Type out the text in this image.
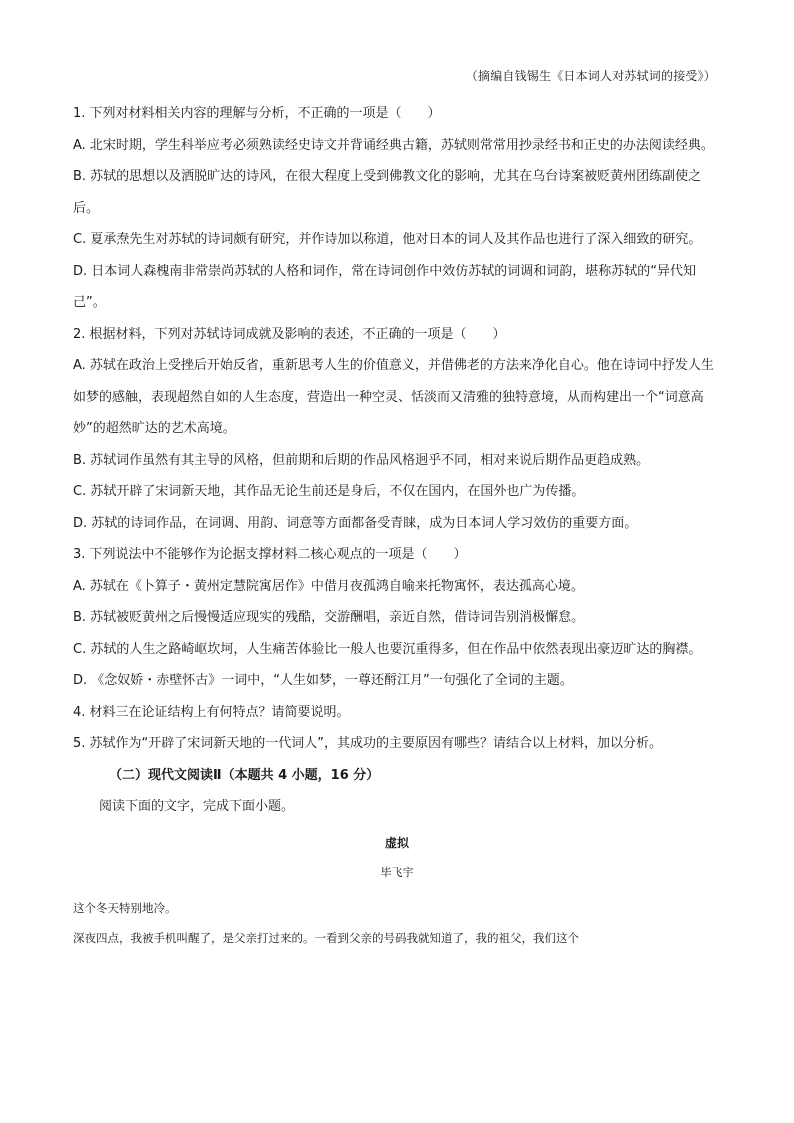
（摘编自钱锡生《日本词人对苏轼词的接受》）

1. 下列对材料相关内容的理解与分析，不正确的一项是（　　）

A. 北宋时期，学生科举应考必须熟读经史诗文并背诵经典古籍，苏轼则常常用抄录经书和正史的办法阅读经典。

B. 苏轼的思想以及洒脱旷达的诗风，在很大程度上受到佛教文化的影响，尤其在乌台诗案被贬黄州团练副使之后。

C. 夏承焘先生对苏轼的诗词颇有研究，并作诗加以称道，他对日本的词人及其作品也进行了深入细致的研究。

D. 日本词人森槐南非常崇尚苏轼的人格和词作，常在诗词创作中效仿苏轼的词调和词韵，堪称苏轼的“异代知己”。

2. 根据材料，下列对苏轼诗词成就及影响的表述，不正确的一项是（　　）

A. 苏轼在政治上受挫后开始反省，重新思考人生的价值意义，并借佛老的方法来净化自心。他在诗词中抒发人生如梦的感触，表现超然自如的人生态度，营造出一种空灵、恬淡而又清雅的独特意境，从而构建出一个“词意高妙”的超然旷达的艺术高境。

B. 苏轼词作虽然有其主导的风格，但前期和后期的作品风格迥乎不同，相对来说后期作品更趋成熟。

C. 苏轼开辟了宋词新天地，其作品无论生前还是身后，不仅在国内，在国外也广为传播。

D. 苏轼的诗词作品，在词调、用韵、词意等方面都备受青睐，成为日本词人学习效仿的重要方面。

3. 下列说法中不能够作为论据支撑材料二核心观点的一项是（　　）

A. 苏轼在《卜算子・黄州定慧院寓居作》中借月夜孤鸿自喻来托物寓怀，表达孤高心境。

B. 苏轼被贬黄州之后慢慢适应现实的残酷，交游酬唱，亲近自然，借诗词告别消极懈怠。

C. 苏轼的人生之路崎岖坎坷，人生痛苦体验比一般人也要沉重得多，但在作品中依然表现出豪迈旷达的胸襟。

D. 《念奴娇・赤壁怀古》一词中，“人生如梦，一尊还酹江月”一句强化了全词的主题。

4. 材料三在论证结构上有何特点？请简要说明。

5. 苏轼作为“开辟了宋词新天地的一代词人”，其成功的主要原因有哪些？请结合以上材料，加以分析。

（二）现代文阅读Ⅱ（本题共 4 小题，16 分）

阅读下面的文字，完成下面小题。

虚拟

毕飞宇

这个冬天特别地冷。

深夜四点，我被手机叫醒了，是父亲打过来的。一看到父亲的号码我就知道了，我的祖父，我们这个
